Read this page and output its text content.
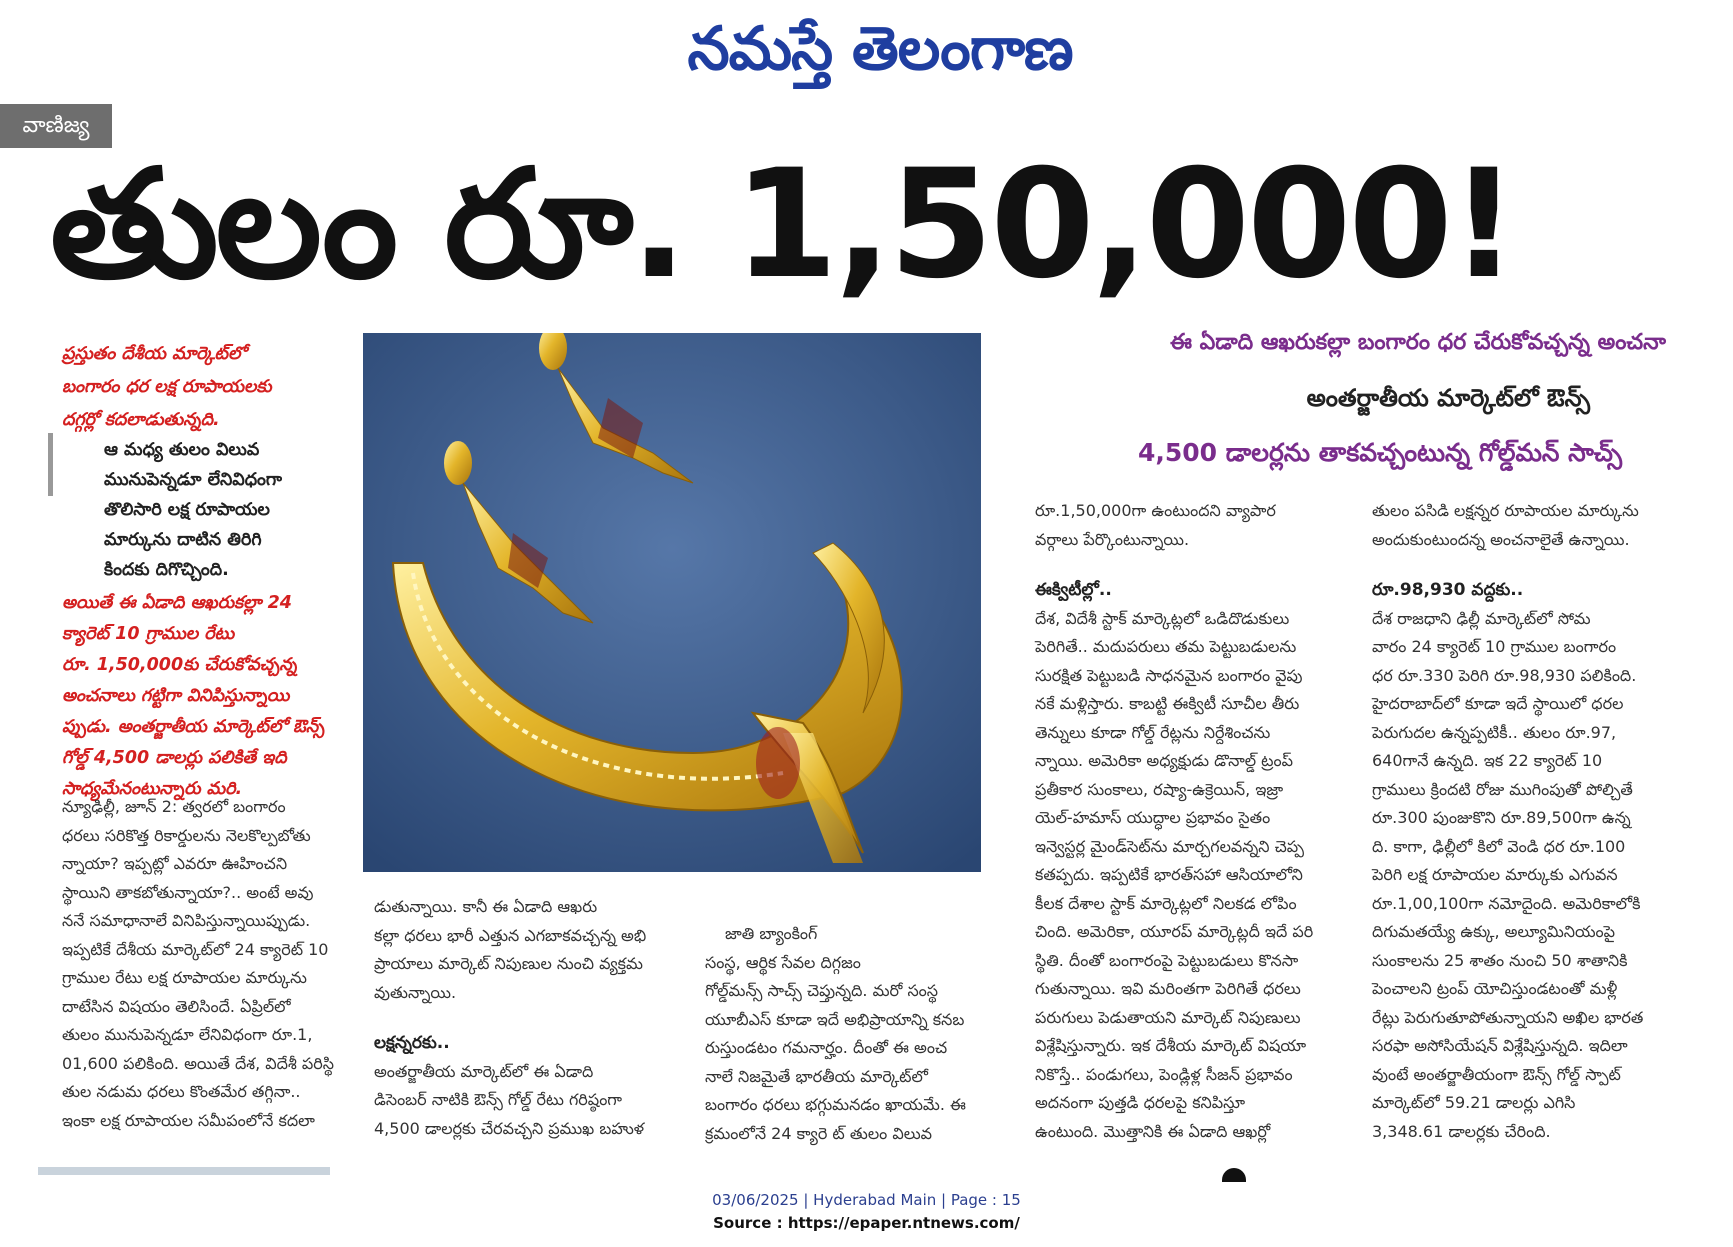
నమస్తే తెలంగాణ
వాణిజ్య
తులం రూ. 1,50,000!
ప్రస్తుతం దేశీయ మార్కెట్‌లో
బంగారం ధర లక్ష రూపాయలకు
దగ్గర్లో కదలాడుతున్నది.
ఆ మధ్య తులం విలువ
మునుపెన్నడూ లేనివిధంగా
తొలిసారి లక్ష రూపాయల
మార్కును దాటిన తిరిగి
కిందకు దిగొచ్చింది.
అయితే ఈ ఏడాది ఆఖరుకల్లా 24
క్యారెట్ 10 గ్రాముల రేటు
రూ. 1,50,000కు చేరుకోవచ్చన్న
అంచనాలు గట్టిగా వినిపిస్తున్నాయి
ప్పుడు. అంతర్జాతీయ మార్కెట్‌లో ఔన్స్
గోల్డ్ 4,500 డాలర్లు పలికితే ఇది
సాధ్యమేనంటున్నారు మరి.
న్యూఢిల్లీ, జూన్ 2: త్వరలో బంగారం
ధరలు సరికొత్త రికార్డులను నెలకొల్పబోతు
న్నాయా? ఇప్పట్లో ఎవరూ ఊహించని
స్థాయిని తాకబోతున్నాయా?.. అంటే అవు
ననే సమాధానాలే వినిపిస్తున్నాయిప్పుడు.
ఇప్పటికే దేశీయ మార్కెట్‌లో 24 క్యారెట్ 10
గ్రాముల రేటు లక్ష రూపాయల మార్కును
దాటేసిన విషయం తెలిసిందే. ఏప్రిల్‌లో
తులం మునుపెన్నడూ లేనివిధంగా రూ.1,
01,600 పలికింది. అయితే దేశ, విదేశీ పరిస్థి
తుల నడుమ ధరలు కొంతమేర తగ్గినా..
ఇంకా లక్ష రూపాయల సమీపంలోనే కదలా
డుతున్నాయి. కానీ ఈ ఏడాది ఆఖరు
కల్లా ధరలు భారీ ఎత్తున ఎగబాకవచ్చన్న అభి
ప్రాయాలు మార్కెట్ నిపుణుల నుంచి వ్యక్తమ
వుతున్నాయి.
లక్షన్నరకు..
అంతర్జాతీయ మార్కెట్‌లో ఈ ఏడాది
డిసెంబర్ నాటికి ఔన్స్ గోల్డ్ రేటు గరిష్ఠంగా
4,500 డాలర్లకు చేరవచ్చని ప్రముఖ బహుళ
జాతి బ్యాంకింగ్
సంస్థ, ఆర్థిక సేవల దిగ్గజం
గోల్డ్‌మన్స్ సాచ్స్ చెప్తున్నది. మరో సంస్థ
యూబీఎస్ కూడా ఇదే అభిప్రాయాన్ని కనబ
రుస్తుండటం గమనార్హం. దీంతో ఈ అంచ
నాలే నిజమైతే భారతీయ మార్కెట్‌లో
బంగారం ధరలు భగ్గుమనడం ఖాయమే. ఈ
క్రమంలోనే 24 క్యారె ట్ తులం విలువ
ఈ ఏడాది ఆఖరుకల్లా బంగారం ధర చేరుకోవచ్చన్న అంచనా
అంతర్జాతీయ మార్కెట్‌లో ఔన్స్
4,500 డాలర్లను తాకవచ్చంటున్న గోల్డ్‌మన్ సాచ్స్
రూ.1,50,000గా ఉంటుందని వ్యాపార
వర్గాలు పేర్కొంటున్నాయి.
ఈక్విటీల్లో..
దేశ, విదేశీ స్టాక్ మార్కెట్లలో ఒడిదొడుకులు
పెరిగితే.. మదుపరులు తమ పెట్టుబడులను
సురక్షిత పెట్టుబడి సాధనమైన బంగారం వైపు
నకే మళ్లిస్తారు. కాబట్టి ఈక్విటీ సూచీల తీరు
తెన్నులు కూడా గోల్డ్ రేట్లను నిర్దేశించను
న్నాయి. అమెరికా అధ్యక్షుడు డొనాల్డ్ ట్రంప్
ప్రతీకార సుంకాలు, రష్యా-ఉక్రెయిన్, ఇజ్రా
యెల్-హమాస్ యుద్ధాల ప్రభావం సైతం
ఇన్వెస్టర్ల మైండ్‌సెట్‌ను మార్చగలవన్నని చెప్ప
కతప్పదు. ఇప్పటికే భారత్‌సహా ఆసియాలోని
కీలక దేశాల స్టాక్ మార్కెట్లలో నిలకడ లోపిం
చింది. అమెరికా, యూరప్ మార్కెట్లదీ ఇదే పరి
స్థితి. దీంతో బంగారంపై పెట్టుబడులు కొనసా
గుతున్నాయి. ఇవి మరింతగా పెరిగితే ధరలు
పరుగులు పెడుతాయని మార్కెట్ నిపుణులు
విశ్లేషిస్తున్నారు. ఇక దేశీయ మార్కెట్ విషయా
నికొస్తే.. పండుగలు, పెండ్లిళ్ల సీజన్ ప్రభావం
అదనంగా పుత్తడి ధరలపై కనిపిస్తూ
ఉంటుంది. మొత్తానికి ఈ ఏడాది ఆఖర్లో
తులం పసిడి లక్షన్నర రూపాయల మార్కును
అందుకుంటుందన్న అంచనాలైతే ఉన్నాయి.
రూ.98,930 వద్దకు..
దేశ రాజధాని ఢిల్లీ మార్కెట్‌లో సోమ
వారం 24 క్యారెట్ 10 గ్రాముల బంగారం
ధర రూ.330 పెరిగి రూ.98,930 పలికింది.
హైదరాబాద్‌లో కూడా ఇదే స్థాయిలో ధరల
పెరుగుదల ఉన్నప్పటికీ.. తులం రూ.97,
640గానే ఉన్నది. ఇక 22 క్యారెట్ 10
గ్రాములు క్రిందటి రోజు ముగింపుతో పోల్చితే
రూ.300 పుంజుకొని రూ.89,500గా ఉన్న
ది. కాగా, ఢిల్లీలో కిలో వెండి ధర రూ.100
పెరిగి లక్ష రూపాయల మార్కుకు ఎగువన
రూ.1,00,100గా నమోదైంది. అమెరికాలోకి
దిగుమతయ్యే ఉక్కు, అల్యూమినియంపై
సుంకాలను 25 శాతం నుంచి 50 శాతానికి
పెంచాలని ట్రంప్ యోచిస్తుండటంతో మళ్లీ
రేట్లు పెరుగుతూపోతున్నాయని అఖిల భారత
సరఫా అసోసియేషన్ విశ్లేషిస్తున్నది. ఇదిలా
వుంటే అంతర్జాతీయంగా ఔన్స్ గోల్డ్ స్పాట్
మార్కెట్‌లో 59.21 డాలర్లు ఎగిసి
3,348.61 డాలర్లకు చేరింది.
03/06/2025 | Hyderabad Main | Page : 15
Source : https://epaper.ntnews.com/
